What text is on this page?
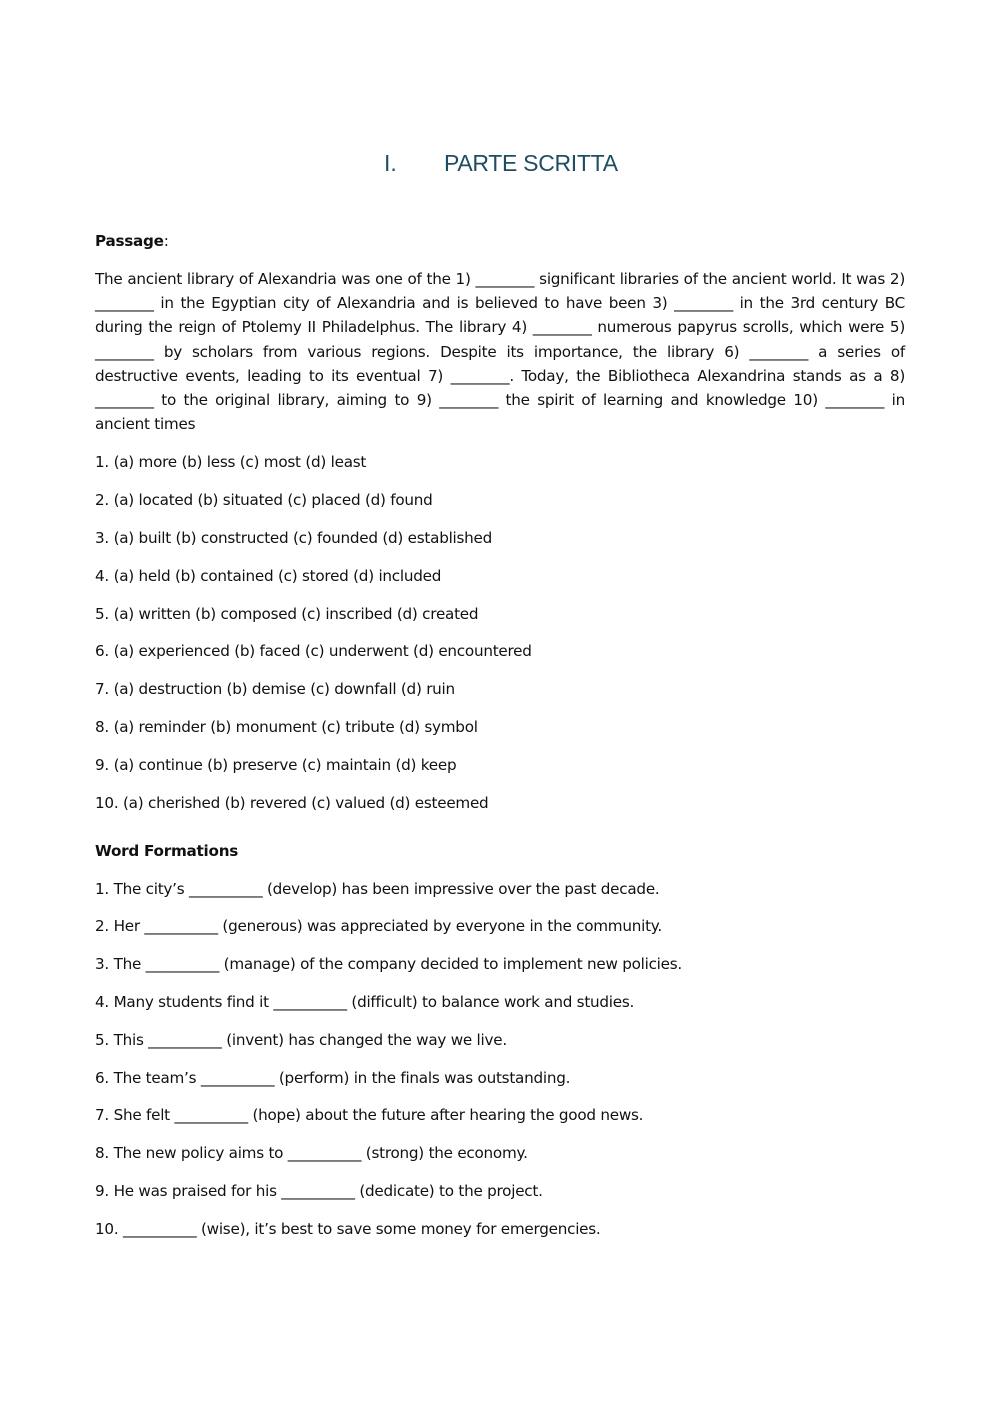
I. PARTE SCRITTA
Passage:

The ancient library of Alexandria was one of the 1) ________ significant libraries of the ancient world. It was 2) ________ in the Egyptian city of Alexandria and is believed to have been 3) ________ in the 3rd century BC during the reign of Ptolemy II Philadelphus. The library 4) ________ numerous papyrus scrolls, which were 5) ________ by scholars from various regions. Despite its importance, the library 6) ________ a series of destructive events, leading to its eventual 7) ________. Today, the Bibliotheca Alexandrina stands as a 8) ________ to the original library, aiming to 9) ________ the spirit of learning and knowledge 10) ________ in ancient times

1. (a) more (b) less (c) most (d) least
2. (a) located (b) situated (c) placed (d) found
3. (a) built (b) constructed (c) founded (d) established
4. (a) held (b) contained (c) stored (d) included
5. (a) written (b) composed (c) inscribed (d) created
6. (a) experienced (b) faced (c) underwent (d) encountered
7. (a) destruction (b) demise (c) downfall (d) ruin
8. (a) reminder (b) monument (c) tribute (d) symbol
9. (a) continue (b) preserve (c) maintain (d) keep
10. (a) cherished (b) revered (c) valued (d) esteemed
Word Formations
1. The city’s __________ (develop) has been impressive over the past decade.
2. Her __________ (generous) was appreciated by everyone in the community.
3. The __________ (manage) of the company decided to implement new policies.
4. Many students find it __________ (difficult) to balance work and studies.
5. This __________ (invent) has changed the way we live.
6. The team’s __________ (perform) in the finals was outstanding.
7. She felt __________ (hope) about the future after hearing the good news.
8. The new policy aims to __________ (strong) the economy.
9. He was praised for his __________ (dedicate) to the project.
10. __________ (wise), it’s best to save some money for emergencies.
